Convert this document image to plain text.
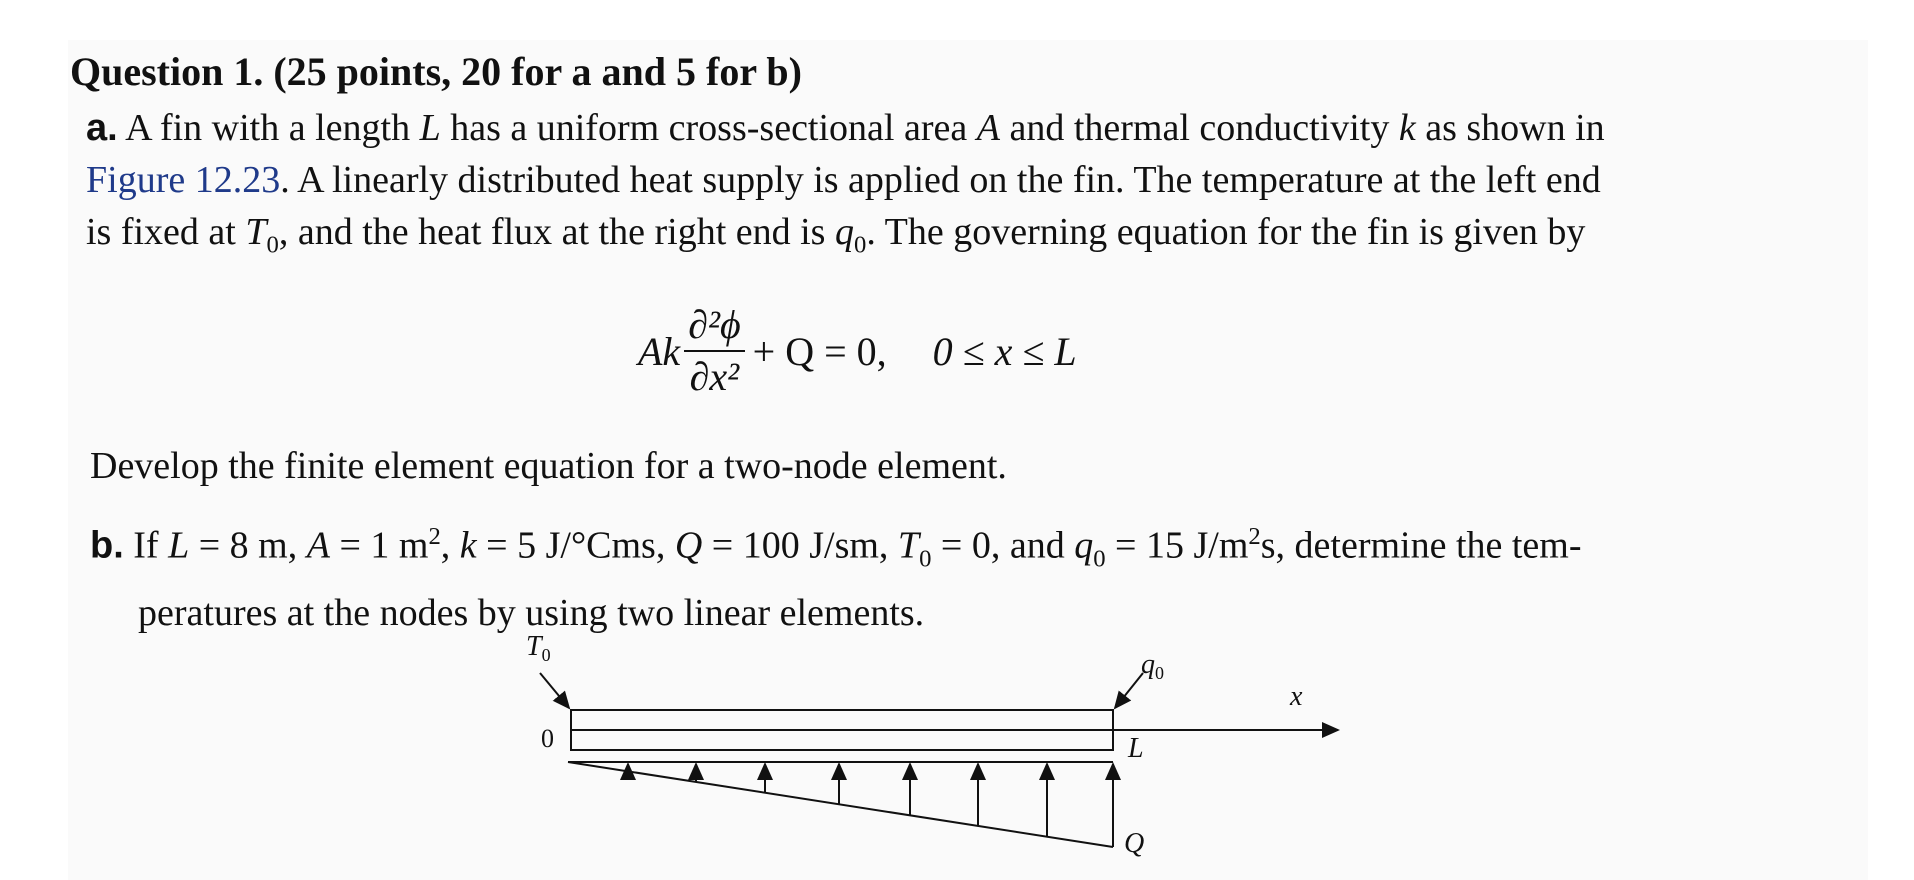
Question 1. (25 points, 20 for a and 5 for b)
a. A fin with a length L has a uniform cross-sectional area A and thermal conductivity k as shown in
Figure 12.23. A linearly distributed heat supply is applied on the fin. The temperature at the left end
is fixed at $T_0$, and the heat flux at the right end is $q_0$. The governing equation for the fin is given by
Ak $\frac{\text{∂²ϕ}}{\text{∂x²}} + Q = 0$, 0 ≤ x ≤ L
Develop the finite element equation for a two-node element.
b. If L = 8 m, A = 1 $m^2$, k = 5 J/°Cms, Q = 100 J/sm, $T_0 = 0$, and $q_0 = 15$ $J/m^2s$, determine the tem-
peratures at the nodes by using two linear elements.
$T_0$	$q_0$
x
0	L
Q
